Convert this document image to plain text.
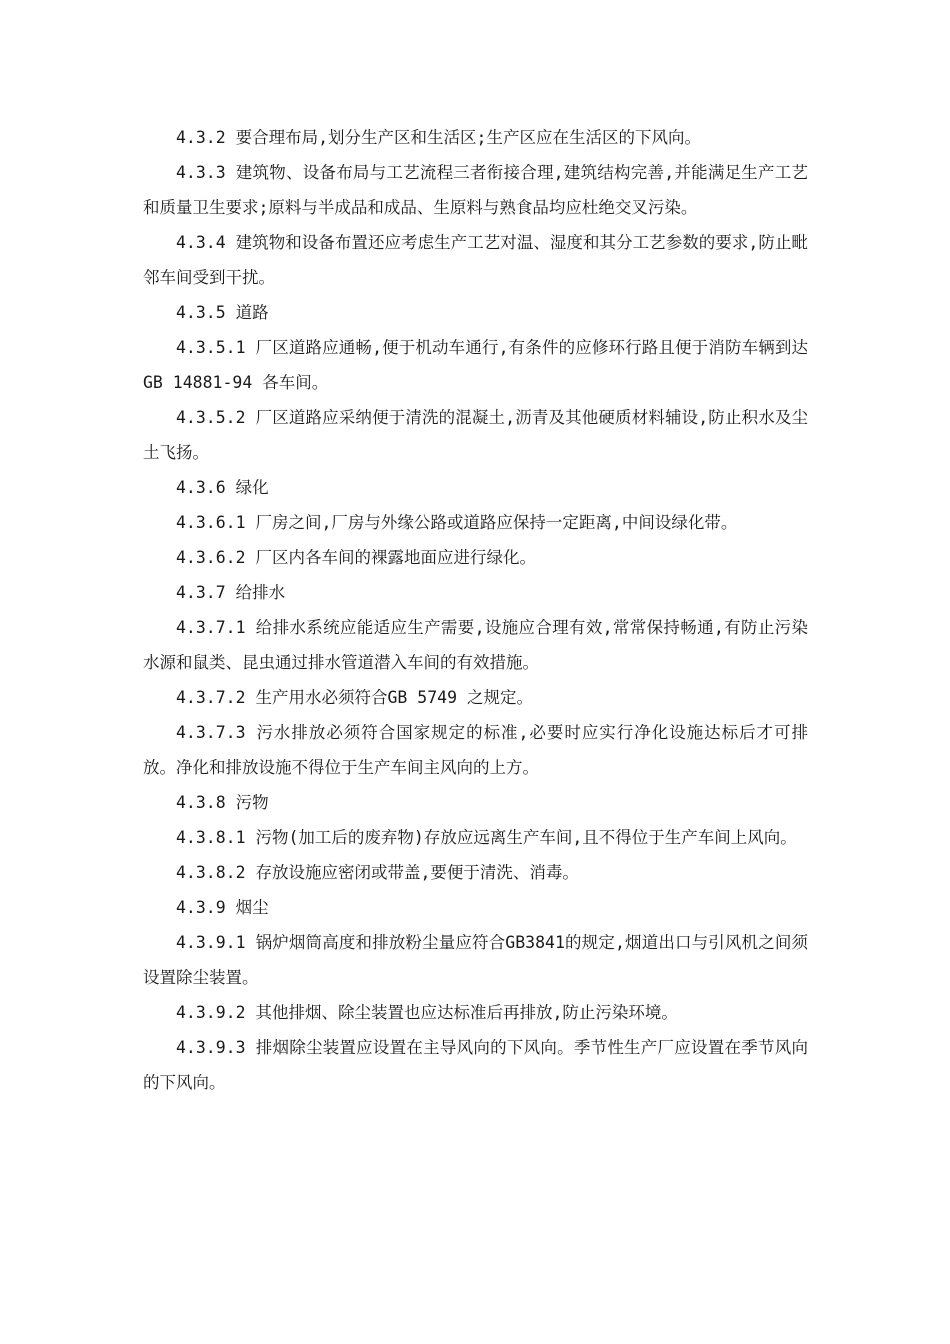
4.3.2 要合理布局,划分生产区和生活区;生产区应在生活区的下风向。

4.3.3 建筑物、设备布局与工艺流程三者衔接合理,建筑结构完善,并能满足生产工艺和质量卫生要求;原料与半成品和成品、生原料与熟食品均应杜绝交叉污染。

4.3.4 建筑物和设备布置还应考虑生产工艺对温、湿度和其分工艺参数的要求,防止毗邻车间受到干扰。

4.3.5 道路

4.3.5.1 厂区道路应通畅,便于机动车通行,有条件的应修环行路且便于消防车辆到达 GB 14881-94 各车间。

4.3.5.2 厂区道路应采纳便于清洗的混凝土,沥青及其他硬质材料辅设,防止积水及尘土飞扬。

4.3.6 绿化

4.3.6.1 厂房之间,厂房与外缘公路或道路应保持一定距离,中间设绿化带。

4.3.6.2 厂区内各车间的裸露地面应进行绿化。

4.3.7 给排水

4.3.7.1 给排水系统应能适应生产需要,设施应合理有效,常常保持畅通,有防止污染水源和鼠类、昆虫通过排水管道潜入车间的有效措施。

4.3.7.2 生产用水必须符合GB 5749 之规定。

4.3.7.3 污水排放必须符合国家规定的标准,必要时应实行净化设施达标后才可排放。净化和排放设施不得位于生产车间主风向的上方。

4.3.8 污物

4.3.8.1 污物(加工后的废弃物)存放应远离生产车间,且不得位于生产车间上风向。

4.3.8.2 存放设施应密闭或带盖,要便于清洗、消毒。

4.3.9 烟尘

4.3.9.1 锅炉烟筒高度和排放粉尘量应符合GB3841的规定,烟道出口与引风机之间须设置除尘装置。

4.3.9.2 其他排烟、除尘装置也应达标准后再排放,防止污染环境。

4.3.9.3 排烟除尘装置应设置在主导风向的下风向。季节性生产厂应设置在季节风向的下风向。
